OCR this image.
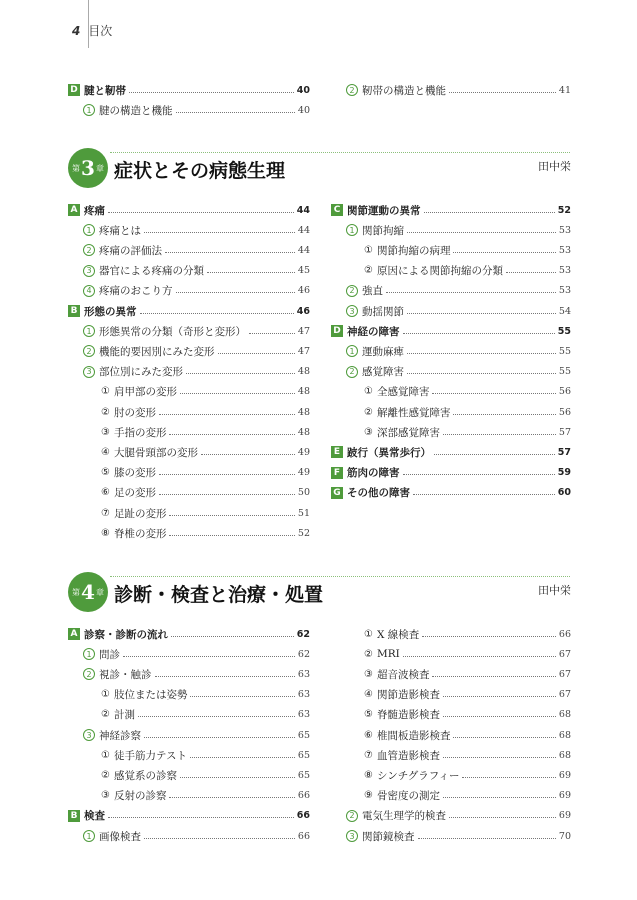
4 目次
D 腱と靭帯	40
1 腱の構造と機能	40
2 靭帯の構造と機能	41
第 3 章 症状とその病態生理	田中栄
A 疼痛	44
1 疼痛とは	44
2 疼痛の評価法	44
3 器官による疼痛の分類	45
4 疼痛のおこり方	46
B 形態の異常	46
1 形態異常の分類（奇形と変形）	47
2 機能的要因別にみた変形	47
3 部位別にみた変形	48
① 肩甲部の変形	48
② 肘の変形	48
③ 手指の変形	48
④ 大腿骨頸部の変形	49
⑤ 膝の変形	49
⑥ 足の変形	50
⑦ 足趾の変形	51
⑧ 脊椎の変形	52
C 関節運動の異常	52
1 関節拘縮	53
① 関節拘縮の病理	53
② 原因による関節拘縮の分類	53
2 強直	53
3 動揺関節	54
D 神経の障害	55
1 運動麻痺	55
2 感覚障害	55
① 全感覚障害	56
② 解離性感覚障害	56
③ 深部感覚障害	57
E 跛行（異常歩行）	57
F 筋肉の障害	59
G その他の障害	60
第 4 章 診断・検査と治療・処置	田中栄
A 診察・診断の流れ	62
1 問診	62
2 視診・触診	63
① 肢位または姿勢	63
② 計測	63
3 神経診察	65
① 徒手筋力テスト	65
② 感覚系の診察	65
③ 反射の診察	66
B 検査	66
1 画像検査	66
① X 線検査	66
② MRI	67
③ 超音波検査	67
④ 関節造影検査	67
⑤ 脊髄造影検査	68
⑥ 椎間板造影検査	68
⑦ 血管造影検査	68
⑧ シンチグラフィー	69
⑨ 骨密度の測定	69
2 電気生理学的検査	69
3 関節鏡検査	70
